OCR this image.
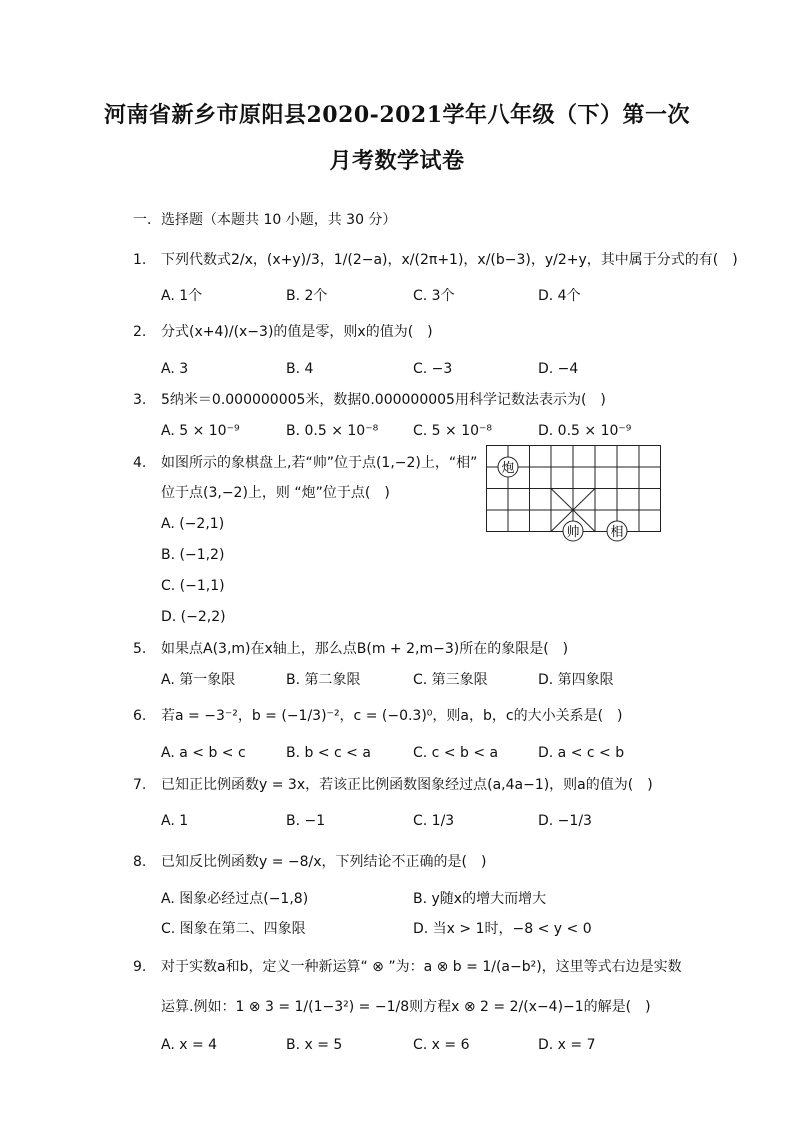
河南省新乡市原阳县2020-2021学年八年级（下）第一次
月考数学试卷
一．选择题（本题共 10 小题，共 30 分）
1. 下列代数式2/x，(x+y)/3，1/(2−a)，x/(2π+1)，x/(b−3)，y/2+y，其中属于分式的有(　)
A. 1个	B. 2个	C. 3个	D. 4个
2. 分式(x+4)/(x−3)的值是零，则x的值为(　)
A. 3	B. 4	C. −3	D. −4
3. 5纳米＝0.000000005米，数据0.000000005用科学记数法表示为(　)
A. 5 × 10⁻⁹	B. 0.5 × 10⁻⁸ C. 5 × 10⁻⁸	D. 0.5 × 10⁻⁹
4. 如图所示的象棋盘上,若“帅”位于点(1,−2)上，“相”
位于点(3,−2)上，则 “炮”位于点(　)
A. (−2,1)
B. (−1,2)
C. (−1,1)
D. (−2,2)
炮
帅 相
5. 如果点A(3,m)在x轴上，那么点B(m + 2,m−3)所在的象限是(　)
A. 第一象限	B. 第二象限	C. 第三象限	D. 第四象限
6. 若a = −3⁻²，b = (−1/3)⁻²，c = (−0.3)⁰，则a，b，c的大小关系是(　)
A. a < b < c	B. b < c < a	C. c < b < a	D. a < c < b
7. 已知正比例函数y = 3x，若该正比例函数图象经过点(a,4a−1)，则a的值为(　)
A. 1	B. −1	C. 1/3	D. −1/3
8. 已知反比例函数y = −8/x，下列结论不正确的是(　)
A. 图象必经过点(−1,8)	B. y随x的增大而增大
C. 图象在第二、四象限	D. 当x > 1时，−8 < y < 0
9. 对于实数a和b，定义一种新运算“ ⊗ ”为：a ⊗ b = 1/(a−b²)，这里等式右边是实数
运算.例如：1 ⊗ 3 = 1/(1−3²) = −1/8则方程x ⊗ 2 = 2/(x−4)−1的解是(　)
A. x = 4	B. x = 5	C. x = 6	D. x = 7
